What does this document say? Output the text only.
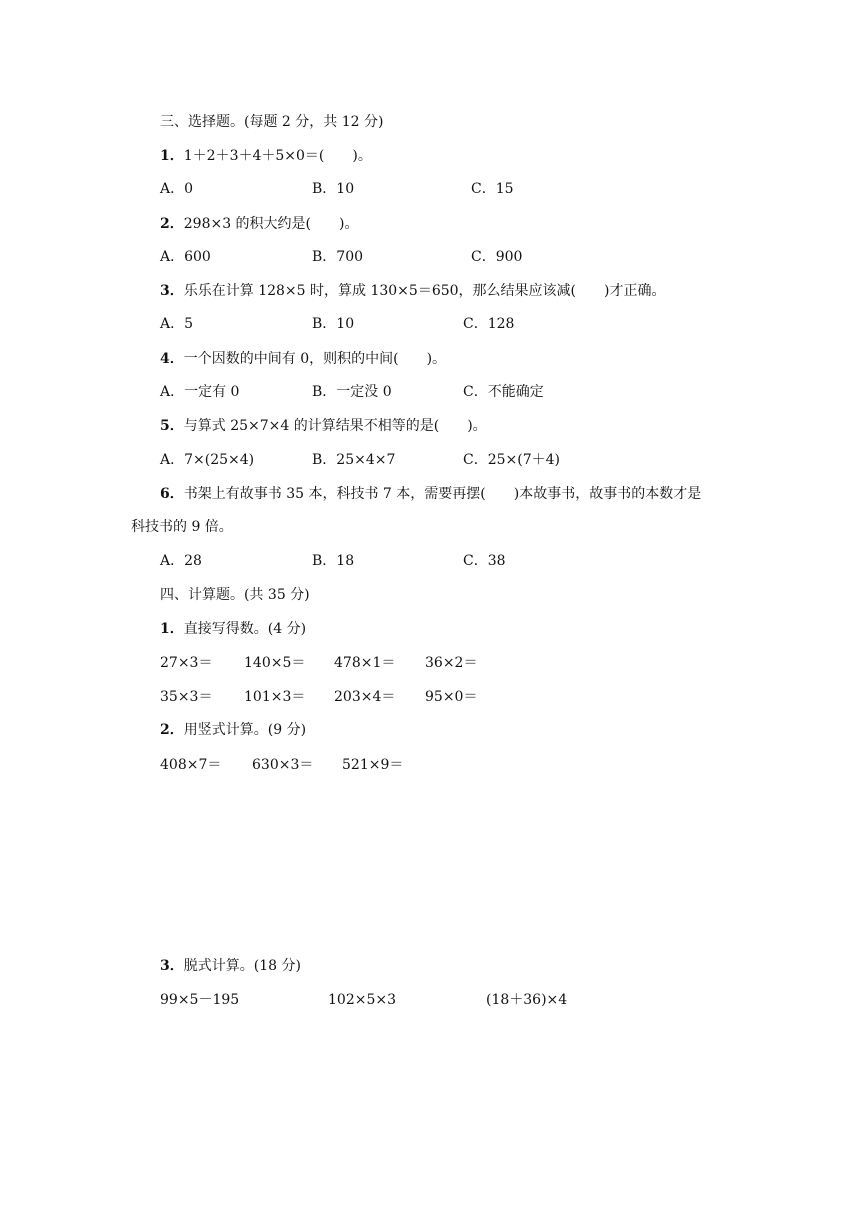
三、选择题。(每题 2 分，共 12 分)
1．1＋2＋3＋4＋5×0＝(　　)。
A．0	B．10	C．15
2．298×3 的积大约是(　　)。
A．600	B．700	C．900
3．乐乐在计算 128×5 时，算成 130×5＝650，那么结果应该减(　　)才正确。
A．5	B．10	C．128
4．一个因数的中间有 0，则积的中间(　　)。
A．一定有 0	B．一定没 0	C．不能确定
5．与算式 25×7×4 的计算结果不相等的是(　　)。
A．7×(25×4)	B．25×4×7	C．25×(7＋4)
6．书架上有故事书 35 本，科技书 7 本，需要再摆(　　)本故事书，故事书的本数才是
科技书的 9 倍。
A．28	B．18	C．38
四、计算题。(共 35 分)
1．直接写得数。(4 分)
27×3＝ 140×5＝ 478×1＝ 36×2＝
35×3＝ 101×3＝ 203×4＝ 95×0＝
2．用竖式计算。(9 分)
408×7＝ 630×3＝ 521×9＝
3．脱式计算。(18 分)
99×5－195	102×5×3	(18＋36)×4
